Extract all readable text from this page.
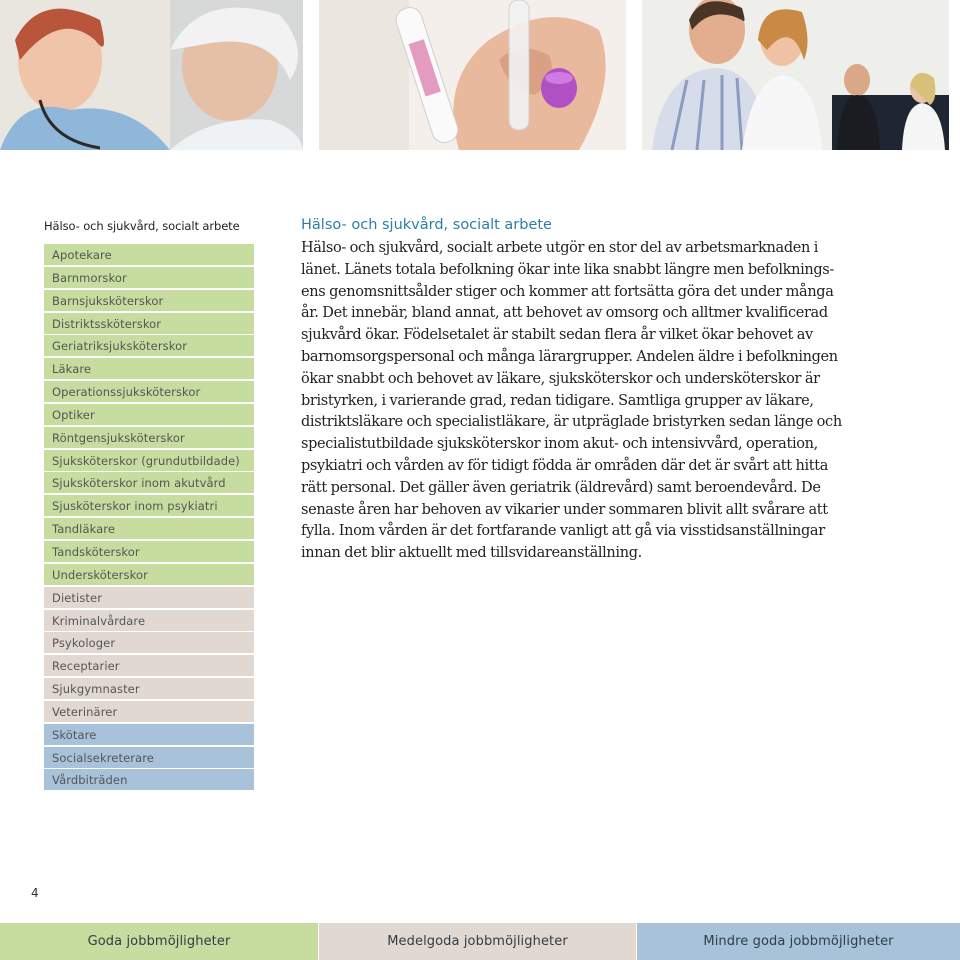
Hälso- och sjukvård, socialt arbete
Apotekare
Barnmorskor
Barnsjuksköterskor
Distriktssköterskor
Geriatriksjuksköterskor
Läkare
Operationssjuksköterskor
Optiker
Röntgensjuksköterskor
Sjuksköterskor (grundutbildade)
Sjuksköterskor inom akutvård
Sjusköterskor inom psykiatri
Tandläkare
Tandsköterskor
Undersköterskor
Dietister
Kriminalvårdare
Psykologer
Receptarier
Sjukgymnaster
Veterinärer
Skötare
Socialsekreterare
Vårdbiträden
Hälso- och sjukvård, socialt arbete

Hälso- och sjukvård, socialt arbete utgör en stor del av arbetsmarknaden i länet. Länets totala befolkning ökar inte lika snabbt längre men befolkningsens genomsnittsålder stiger och kommer att fortsätta göra det under många år. Det innebär, bland annat, att behovet av omsorg och alltmer kvalificerad sjukvård ökar. Födelsetalet är stabilt sedan flera år vilket ökar behovet av barnomsorgspersonal och många lärargrupper. Andelen äldre i befolkningen ökar snabbt och behovet av läkare, sjuksköterskor och undersköterskor är bristyrken, i varierande grad, redan tidigare. Samtliga grupper av läkare, distriktsläkare och specialistläkare, är utpräglade bristyrken sedan länge och specialistutbildade sjuksköterskor inom akut- och intensivvård, operation, psykiatri och vården av för tidigt födda är områden där det är svårt att hitta rätt personal. Det gäller även geriatrik (äldrevård) samt beroendevård. De senaste åren har behoven av vikarier under sommaren blivit allt svårare att fylla. Inom vården är det fortfarande vanligt att gå via visstidsanställningar innan det blir aktuellt med tillsvidareanställning.

4
Goda jobbmöjligheter	Medelgoda jobbmöjligheter	Mindre goda jobbmöjligheter
